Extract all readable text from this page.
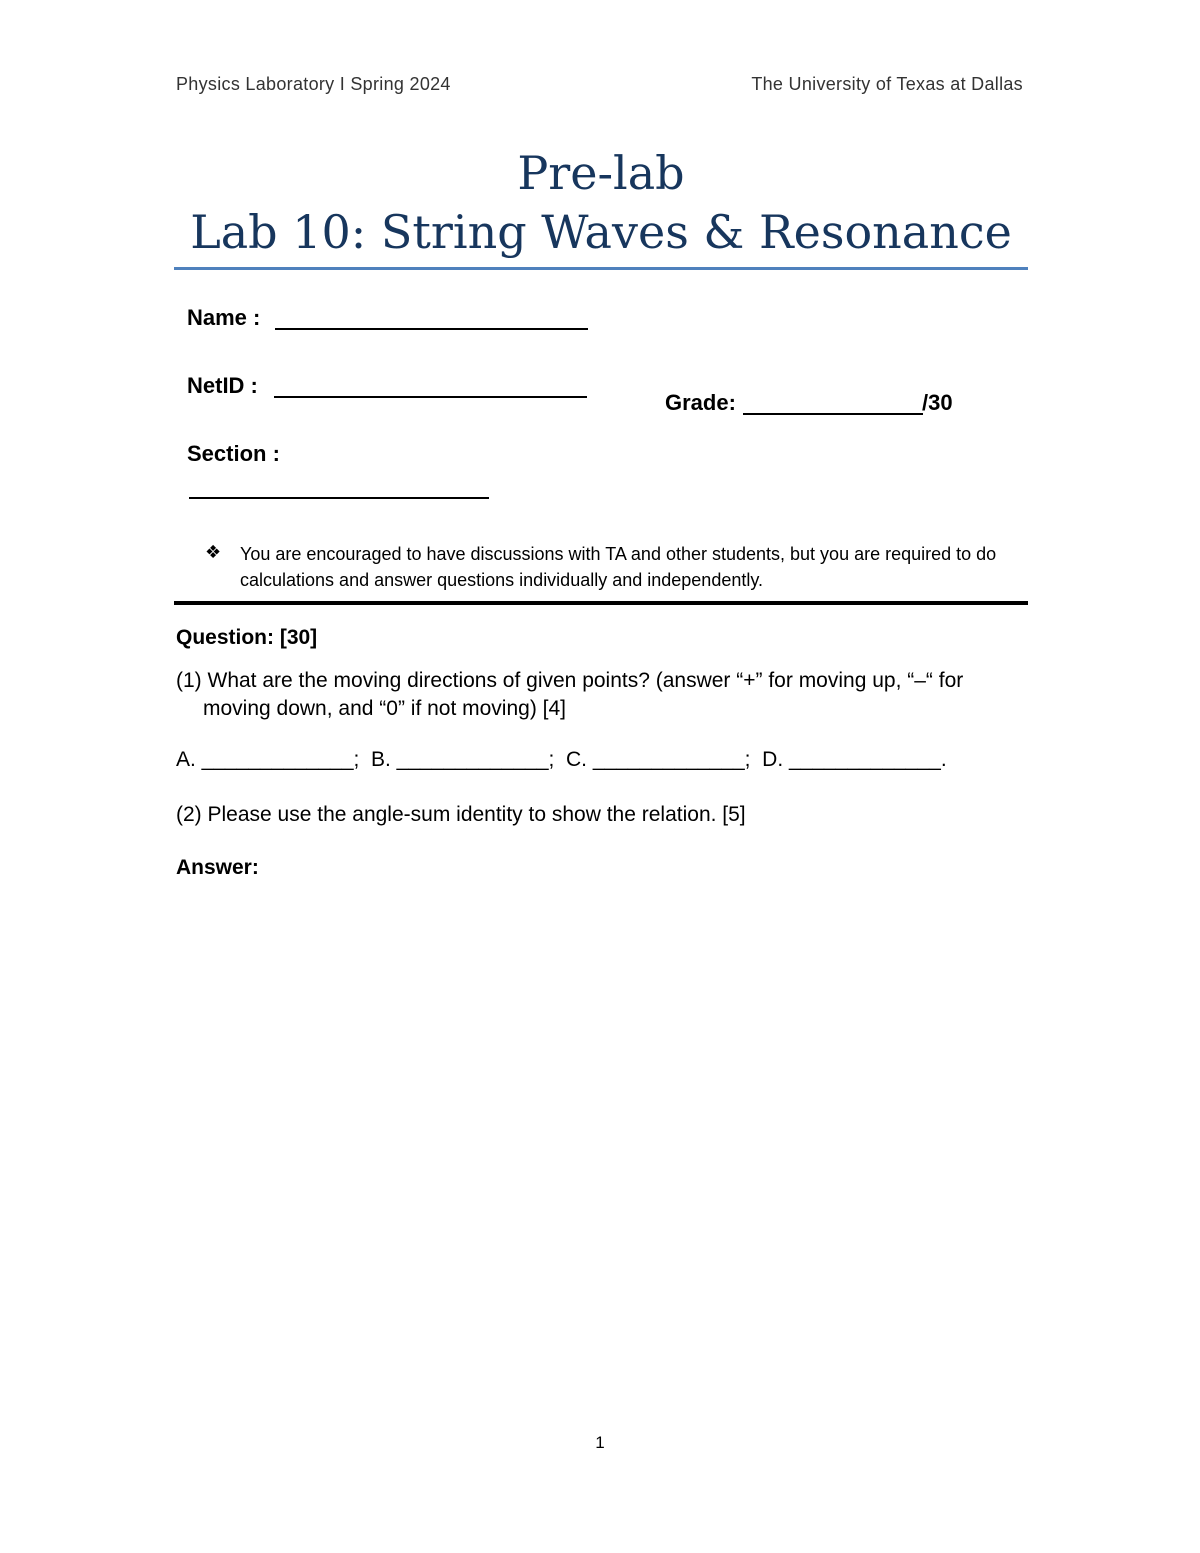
Physics Laboratory I Spring 2024	The University of Texas at Dallas
Pre-lab
Lab 10: String Waves & Resonance
Name :
NetID :
Section :
Grade:	/30
❖ You are encouraged to have discussions with TA and other students, but you are required to do calculations and answer questions individually and independently.
Question: [30]
(1) What are the moving directions of given points? (answer “+” for moving up, “–“ for moving down, and “0” if not moving) [4]
A. _____________;  B. _____________;  C. _____________;  D. _____________.
(2) Please use the angle-sum identity to show the relation. [5]
Answer:
1
